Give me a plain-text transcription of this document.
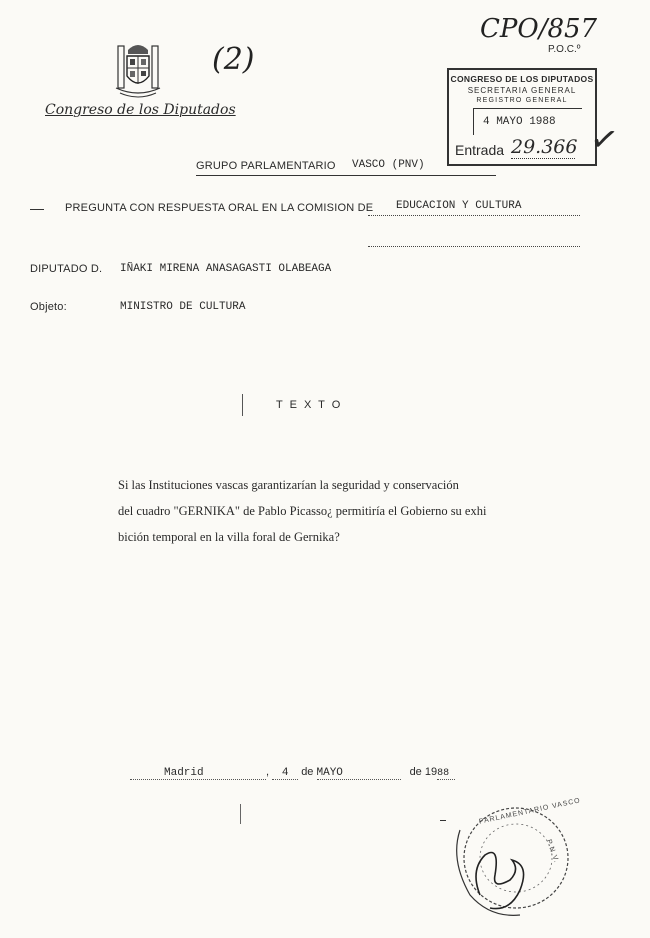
Congreso de los Diputados
(2)
CPO/857
P.O.C.º
CONGRESO DE LOS DIPUTADOS
SECRETARIA GENERAL
REGISTRO GENERAL
4 MAYO 1988
Entrada 29.366 ✓
GRUPO PARLAMENTARIO VASCO (PNV)
PREGUNTA CON RESPUESTA ORAL EN LA COMISION DE EDUCACION Y CULTURA
DIPUTADO D. IÑAKI MIRENA ANASAGASTI OLABEAGA
Objeto:	MINISTRO DE CULTURA
T E X T O
Si las Instituciones vascas garantizarían la seguridad y conservación
del cuadro "GERNIKA" de Pablo Picasso¿ permitiría el Gobierno su exhi
bición temporal en la villa foral de Gernika?
Madrid	, 4 de MAYO	de 1988
PARLAMENTARIO VASCO
P.N.V.
